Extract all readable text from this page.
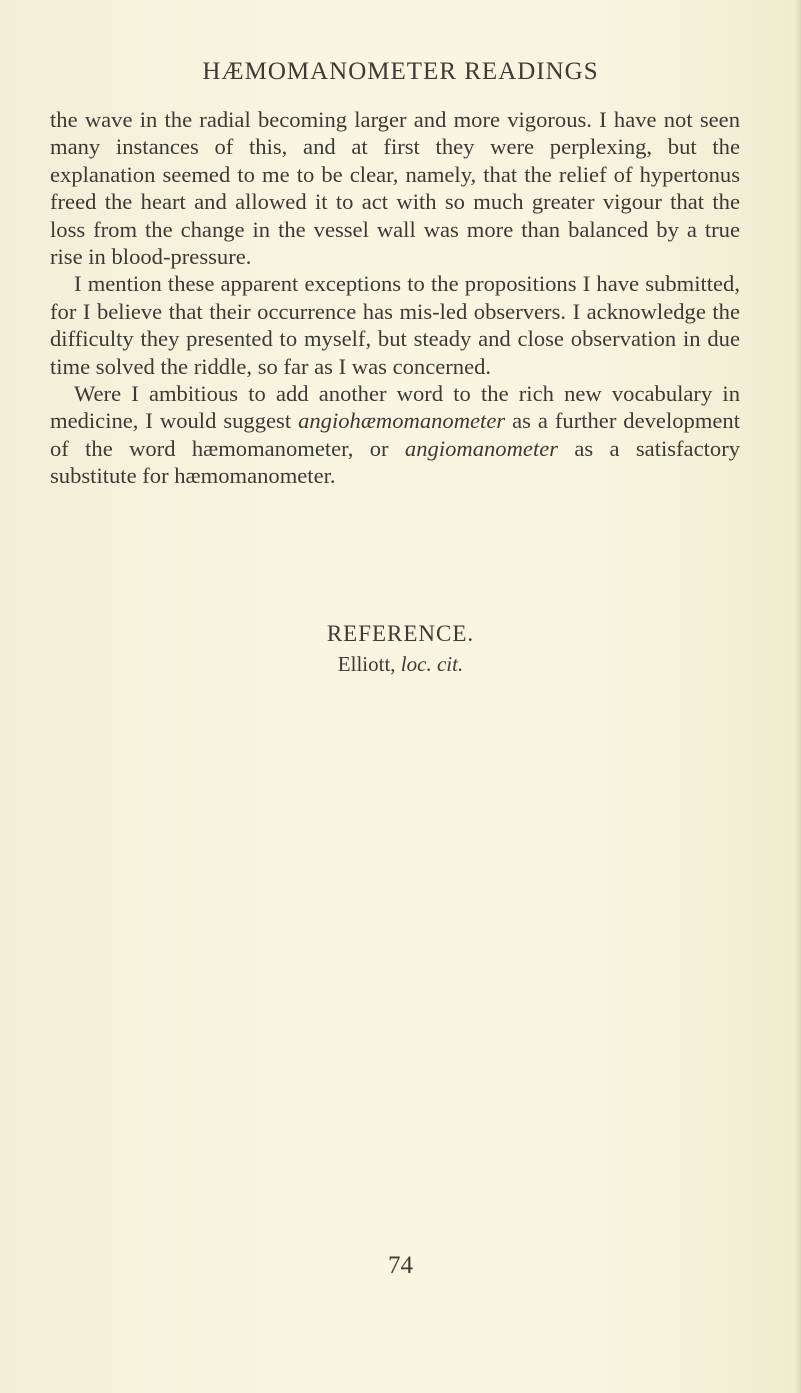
HÆMOMANOMETER READINGS

the wave in the radial becoming larger and more vigorous. I have not seen many instances of this, and at first they were perplexing, but the explanation seemed to me to be clear, namely, that the relief of hypertonus freed the heart and allowed it to act with so much greater vigour that the loss from the change in the vessel wall was more than balanced by a true rise in blood-pressure.

I mention these apparent exceptions to the propositions I have submitted, for I believe that their occurrence has mis-led observers. I acknowledge the difficulty they presented to myself, but steady and close observation in due time solved the riddle, so far as I was concerned.

Were I ambitious to add another word to the rich new vocabulary in medicine, I would suggest angiohæmomanometer as a further development of the word hæmomanometer, or angiomanometer as a satisfactory substitute for hæmomanometer.

REFERENCE.
Elliott, loc. cit.
74
